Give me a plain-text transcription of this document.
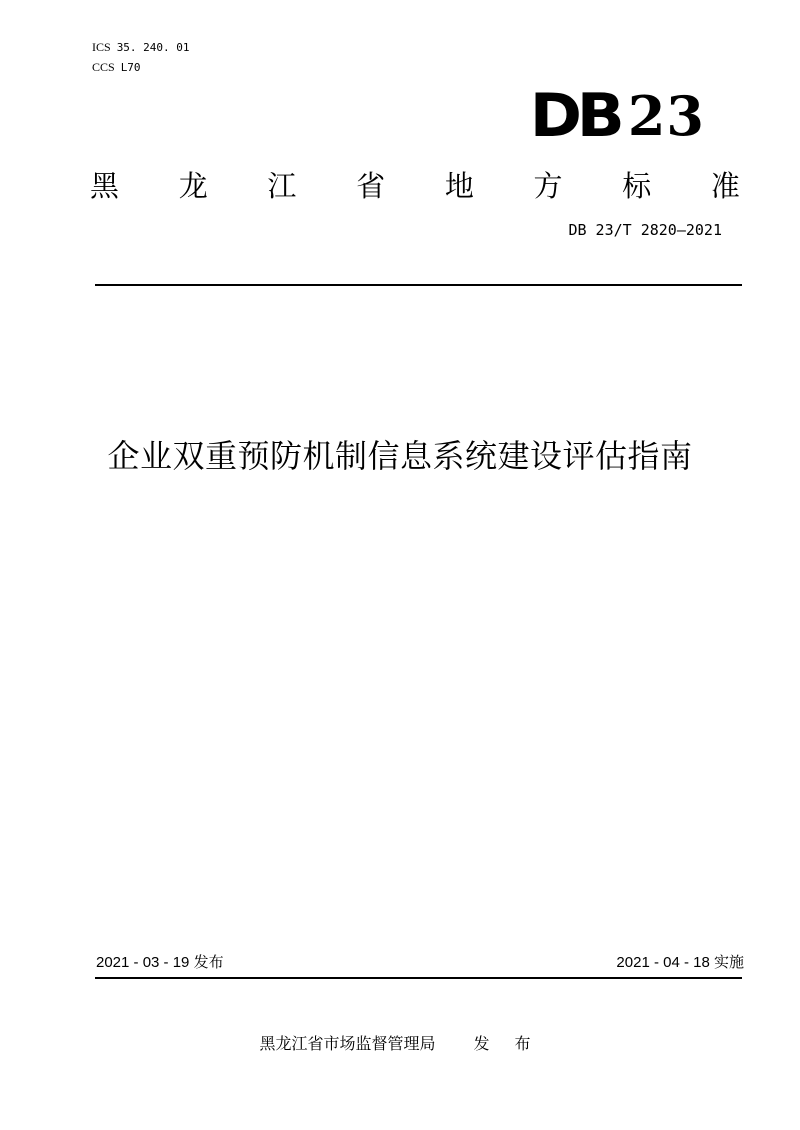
ICS 35. 240. 01
CCS L70
DB 23
黑 龙 江 省 地 方 标 准
DB 23/T 2820—2021
企业双重预防机制信息系统建设评估指南
2021 - 03 - 19 发布	2021 - 04 - 18 实施
黑龙江省市场监督管理局 发 布
